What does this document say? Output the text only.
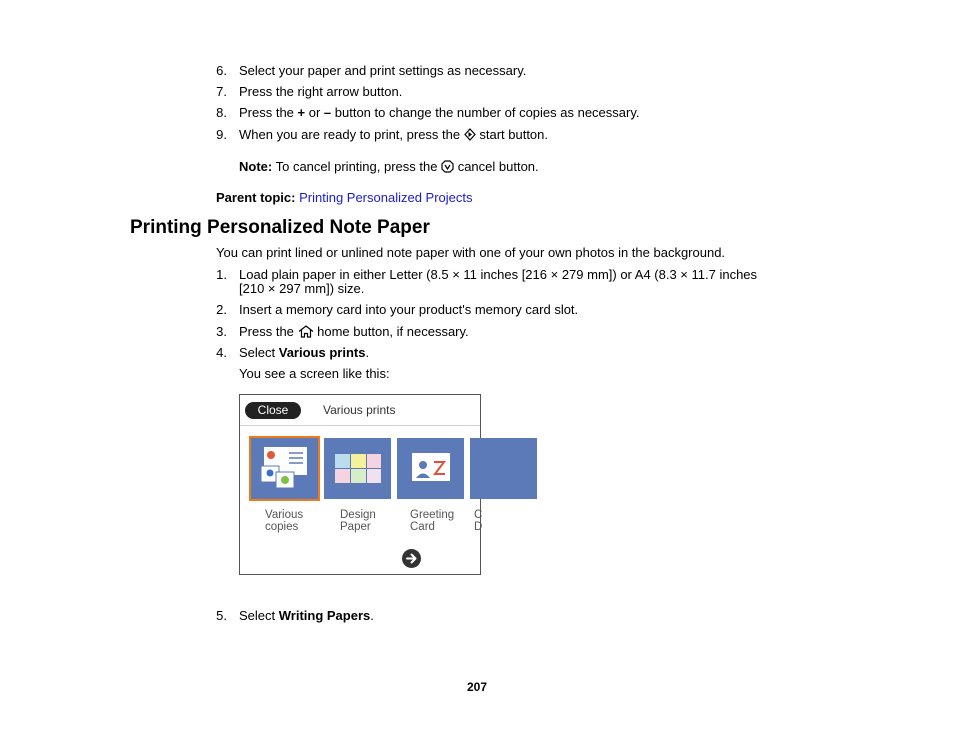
6. Select your paper and print settings as necessary.
7. Press the right arrow button.
8. Press the + or – button to change the number of copies as necessary.
9. When you are ready to print, press the  start button.
Note: To cancel printing, press the  cancel button.
Parent topic: Printing Personalized Projects
Printing Personalized Note Paper
You can print lined or unlined note paper with one of your own photos in the background.
1. Load plain paper in either Letter (8.5 × 11 inches [216 × 279 mm]) or A4 (8.3 × 11.7 inches
[210 × 297 mm]) size.
2. Insert a memory card into your product's memory card slot.
3. Press the  home button, if necessary.
4. Select Various prints.
You see a screen like this:
Close	Various prints
Various
copies
Design
Paper
Greeting
Card
C
D
5. Select Writing Papers.
207
